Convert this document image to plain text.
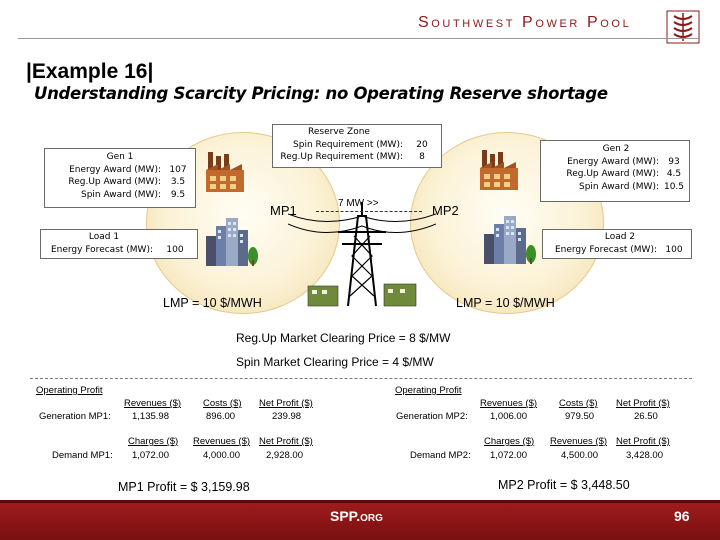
Southwest Power Pool
|Example 16|
Understanding Scarcity Pricing: no Operating Reserve shortage
Gen 1
Energy Award (MW): 107
Reg.Up Award (MW):	3.5
Spin Award (MW):	9.5
Reserve Zone
Spin Requirement (MW):	20
Reg.Up Requirement (MW):	8
Gen 2
Energy Award (MW):	93
Reg.Up Award (MW): 4.5
Spin Award (MW): 10.5
Load 1
Energy Forecast (MW):	100
Load 2
Energy Forecast (MW): 100
MP1	MP2
7 MW >>
LMP = 10 $/MWH	LMP = 10 $/MWH
Reg.Up Market Clearing Price = 8 $/MW
Spin Market Clearing Price = 4 $/MW
Operating Profit
Revenues ($) Costs ($) Net Profit ($)
Generation MP1: 1,135.98	896.00	239.98
Charges ($) Revenues ($) Net Profit ($)
Demand MP1: 1,072.00	4,000.00	2,928.00
MP1 Profit = $ 3,159.98
Operating Profit
Revenues ($) Costs ($) Net Profit ($)
Generation MP2: 1,006.00	979.50	26.50
Charges ($) Revenues ($) Net Profit ($)
Demand MP2: 1,072.00	4,500.00	3,428.00
MP2 Profit = $ 3,448.50
SPP.org	96
